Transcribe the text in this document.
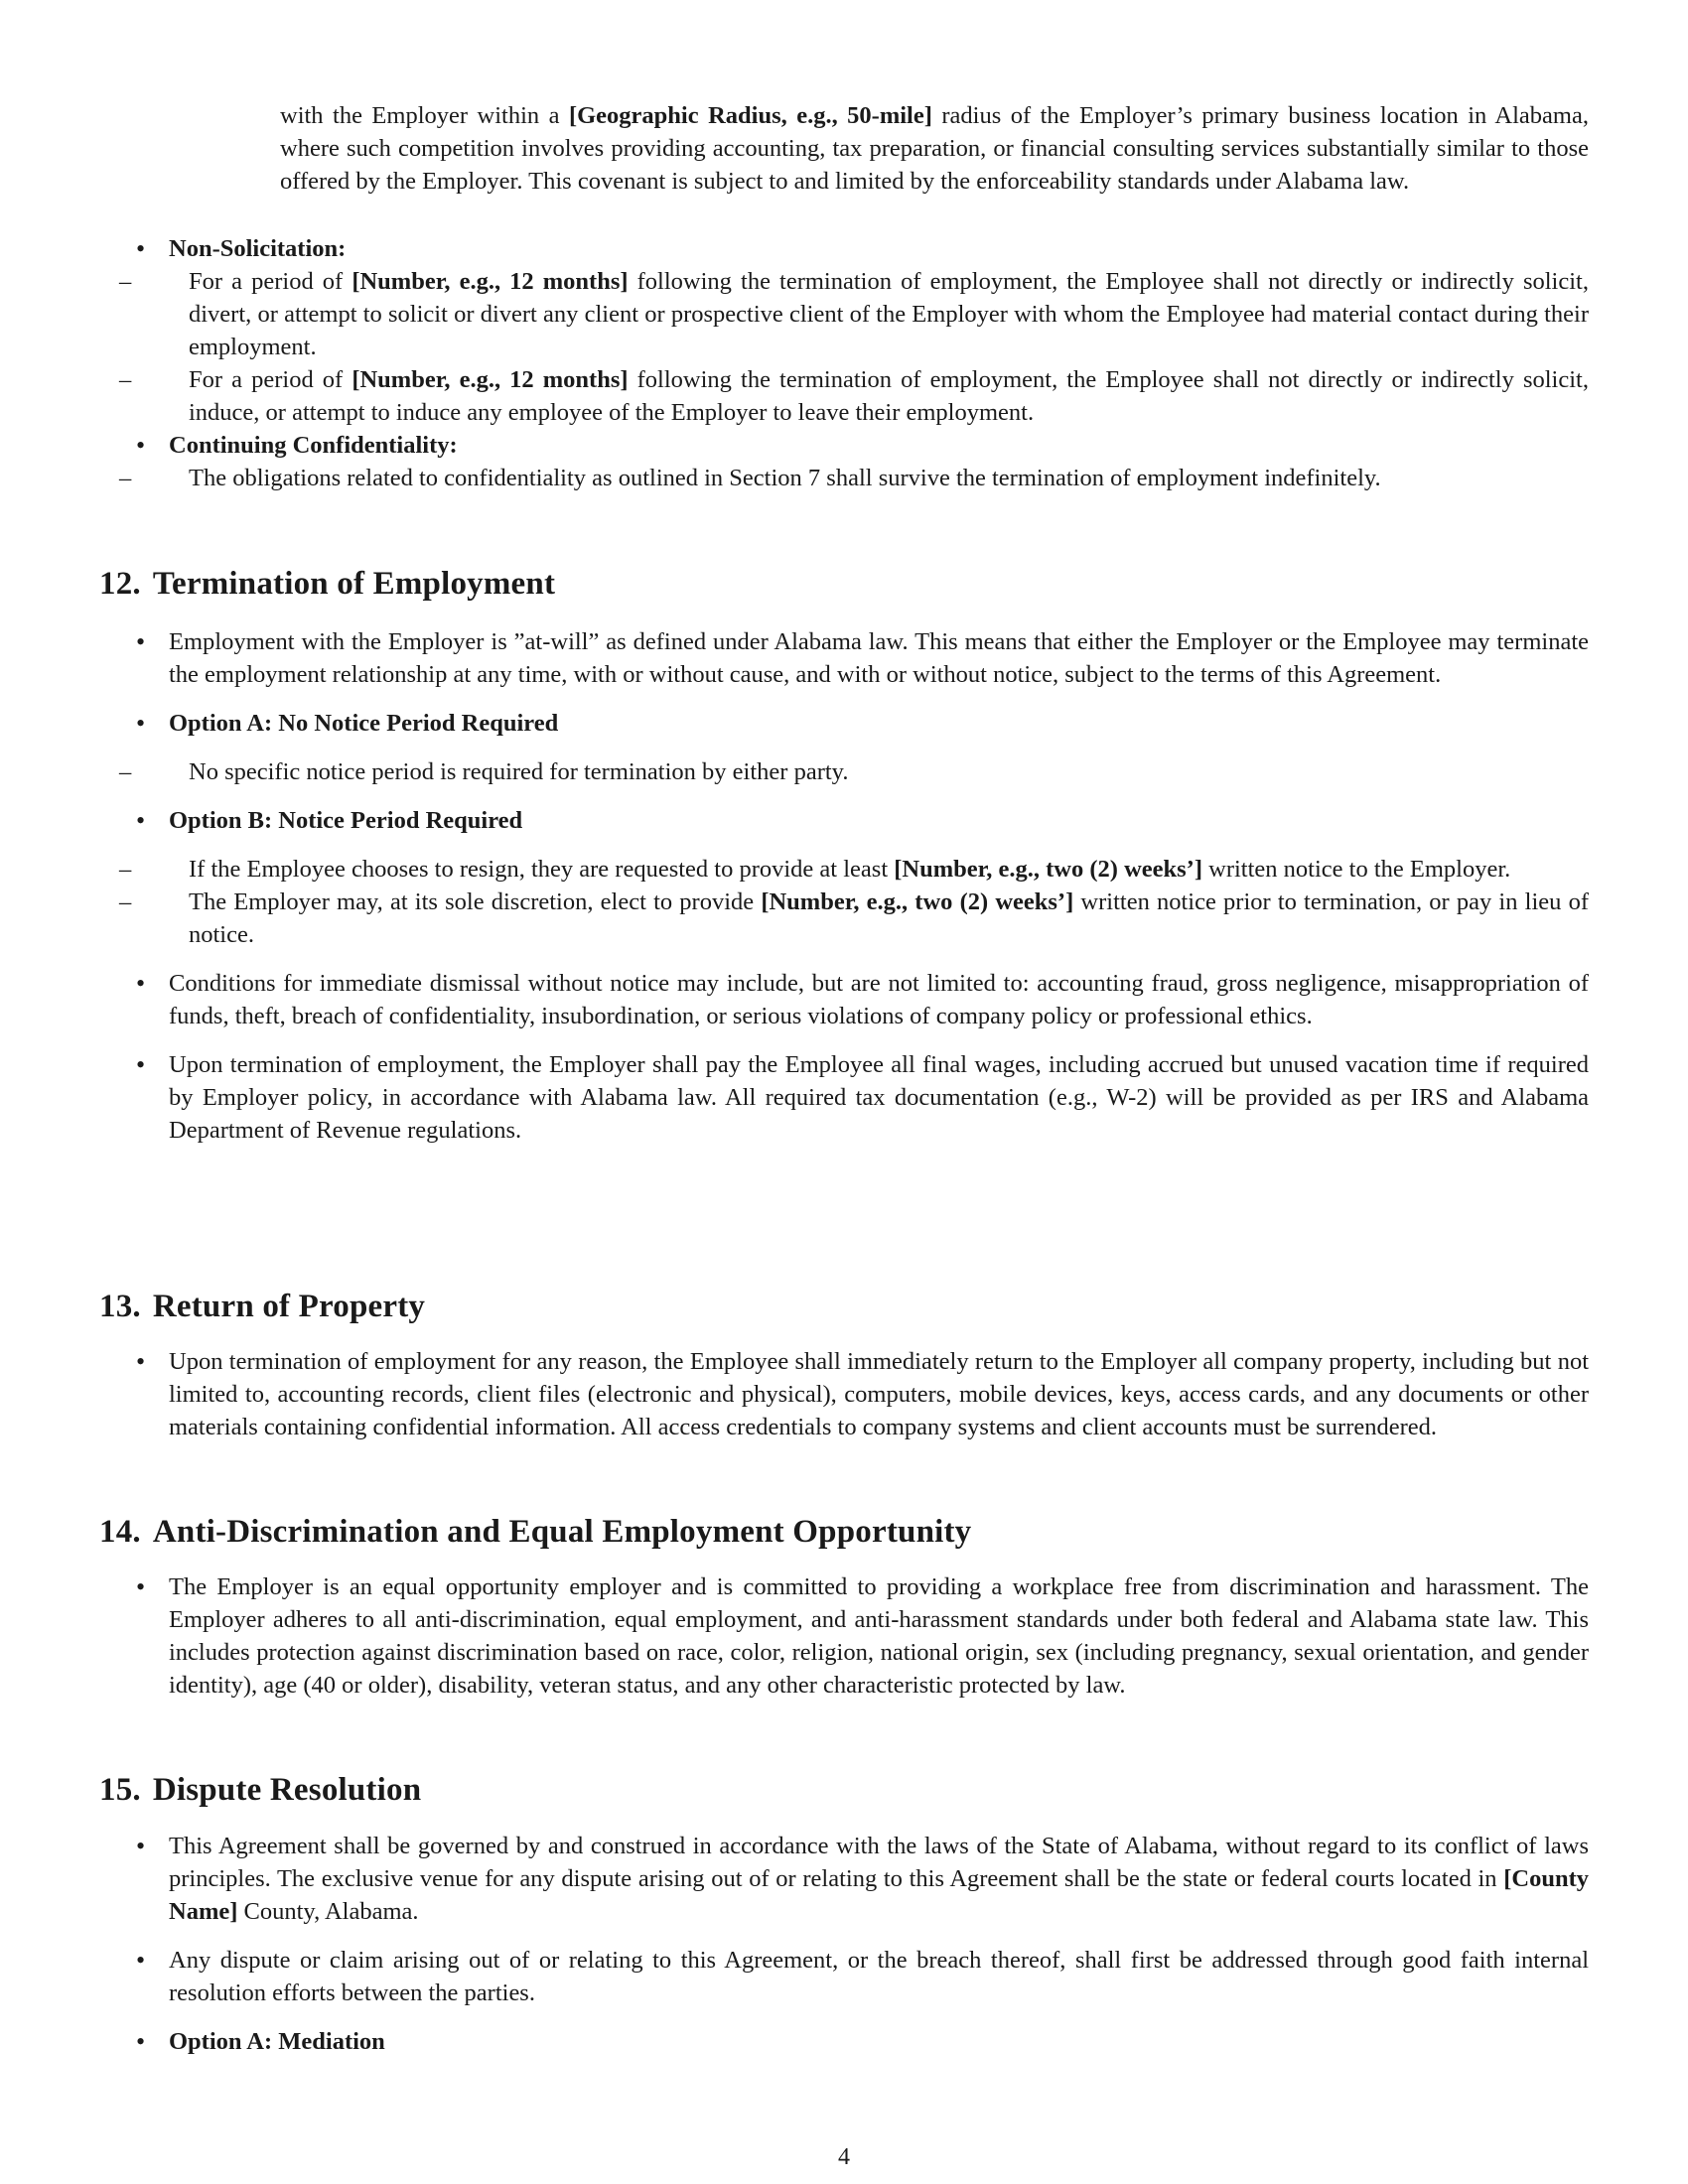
with the Employer within a [Geographic Radius, e.g., 50-mile] radius of the Employer’s primary business location in Alabama, where such competition involves providing accounting, tax preparation, or financial consulting services substantially similar to those offered by the Employer. This covenant is subject to and limited by the enforceability standards under Alabama law.
• Non-Solicitation:
– For a period of [Number, e.g., 12 months] following the termination of employment, the Employee shall not directly or indirectly solicit, divert, or attempt to solicit or divert any client or prospective client of the Employer with whom the Employee had material contact during their employment.
– For a period of [Number, e.g., 12 months] following the termination of employment, the Employee shall not directly or indirectly solicit, induce, or attempt to induce any employee of the Employer to leave their employment.
• Continuing Confidentiality:
– The obligations related to confidentiality as outlined in Section 7 shall survive the termination of employment indefinitely.
12. Termination of Employment
• Employment with the Employer is ”at-will” as defined under Alabama law. This means that either the Employer or the Employee may terminate the employment relationship at any time, with or without cause, and with or without notice, subject to the terms of this Agreement.
• Option A: No Notice Period Required
– No specific notice period is required for termination by either party.
• Option B: Notice Period Required
– If the Employee chooses to resign, they are requested to provide at least [Number, e.g., two (2) weeks’] written notice to the Employer.
– The Employer may, at its sole discretion, elect to provide [Number, e.g., two (2) weeks’] written notice prior to termination, or pay in lieu of notice.
• Conditions for immediate dismissal without notice may include, but are not limited to: accounting fraud, gross negligence, misappropriation of funds, theft, breach of confidentiality, insubordination, or serious violations of company policy or professional ethics.
• Upon termination of employment, the Employer shall pay the Employee all final wages, including accrued but unused vacation time if required by Employer policy, in accordance with Alabama law. All required tax documentation (e.g., W-2) will be provided as per IRS and Alabama Department of Revenue regulations.
13. Return of Property
• Upon termination of employment for any reason, the Employee shall immediately return to the Employer all company property, including but not limited to, accounting records, client files (electronic and physical), computers, mobile devices, keys, access cards, and any documents or other materials containing confidential information. All access credentials to company systems and client accounts must be surrendered.
14. Anti-Discrimination and Equal Employment Opportunity
• The Employer is an equal opportunity employer and is committed to providing a workplace free from discrimination and harassment. The Employer adheres to all anti-discrimination, equal employment, and anti-harassment standards under both federal and Alabama state law. This includes protection against discrimination based on race, color, religion, national origin, sex (including pregnancy, sexual orientation, and gender identity), age (40 or older), disability, veteran status, and any other characteristic protected by law.
15. Dispute Resolution
• This Agreement shall be governed by and construed in accordance with the laws of the State of Alabama, without regard to its conflict of laws principles. The exclusive venue for any dispute arising out of or relating to this Agreement shall be the state or federal courts located in [County Name] County, Alabama.
• Any dispute or claim arising out of or relating to this Agreement, or the breach thereof, shall first be addressed through good faith internal resolution efforts between the parties.
• Option A: Mediation
4
